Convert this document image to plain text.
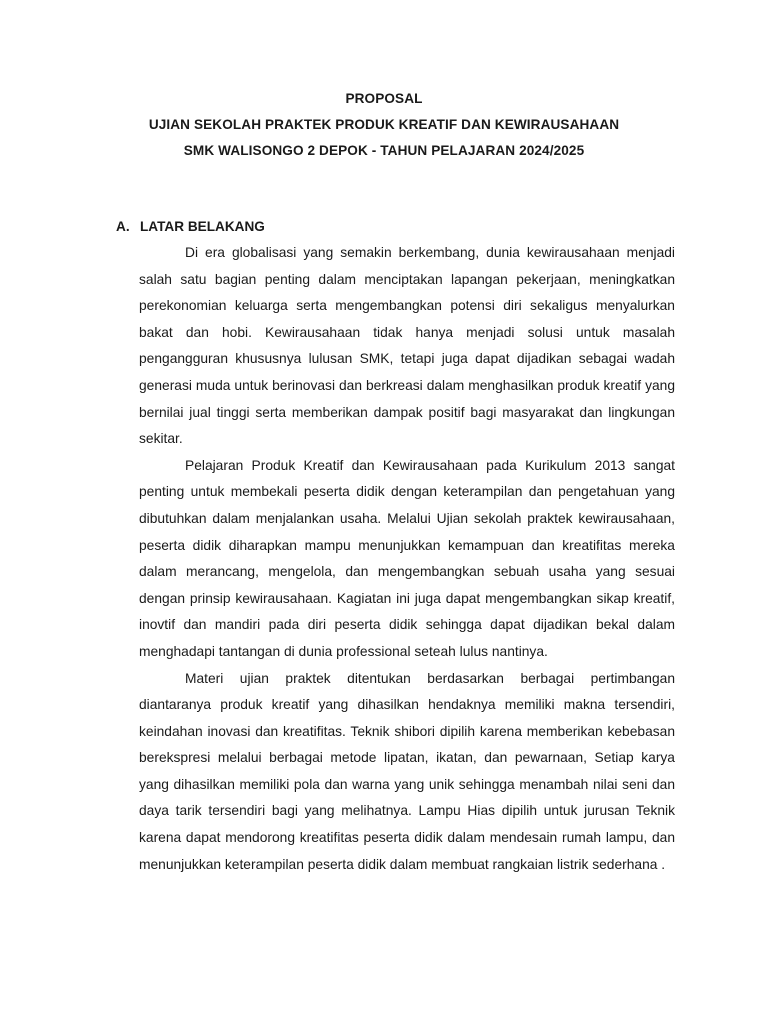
PROPOSAL
UJIAN SEKOLAH PRAKTEK PRODUK KREATIF DAN KEWIRAUSAHAAN
SMK WALISONGO 2 DEPOK - TAHUN PELAJARAN 2024/2025
A. LATAR BELAKANG

Di era globalisasi yang semakin berkembang, dunia kewirausahaan menjadi salah satu bagian penting dalam menciptakan lapangan pekerjaan, meningkatkan perekonomian keluarga serta mengembangkan potensi diri sekaligus menyalurkan bakat dan hobi. Kewirausahaan tidak hanya menjadi solusi untuk masalah pengangguran khususnya lulusan SMK, tetapi juga dapat dijadikan sebagai wadah generasi muda untuk berinovasi dan berkreasi dalam menghasilkan produk kreatif yang bernilai jual tinggi serta memberikan dampak positif bagi masyarakat dan lingkungan sekitar.

Pelajaran Produk Kreatif dan Kewirausahaan pada Kurikulum 2013 sangat penting untuk membekali peserta didik dengan keterampilan dan pengetahuan yang dibutuhkan dalam menjalankan usaha. Melalui Ujian sekolah praktek kewirausahaan, peserta didik diharapkan mampu menunjukkan kemampuan dan kreatifitas mereka dalam merancang, mengelola, dan mengembangkan sebuah usaha yang sesuai dengan prinsip kewirausahaan. Kagiatan ini juga dapat mengembangkan sikap kreatif, inovtif dan mandiri pada diri peserta didik sehingga dapat dijadikan bekal dalam menghadapi tantangan di dunia professional seteah lulus nantinya.

Materi ujian praktek ditentukan berdasarkan berbagai pertimbangan diantaranya produk kreatif yang dihasilkan hendaknya memiliki makna tersendiri, keindahan inovasi dan kreatifitas. Teknik shibori dipilih karena memberikan kebebasan berekspresi melalui berbagai metode lipatan, ikatan, dan pewarnaan, Setiap karya yang dihasilkan memiliki pola dan warna yang unik sehingga menambah nilai seni dan daya tarik tersendiri bagi yang melihatnya. Lampu Hias dipilih untuk jurusan Teknik karena dapat mendorong kreatifitas peserta didik dalam mendesain rumah lampu, dan menunjukkan keterampilan peserta didik dalam membuat rangkaian listrik sederhana .
